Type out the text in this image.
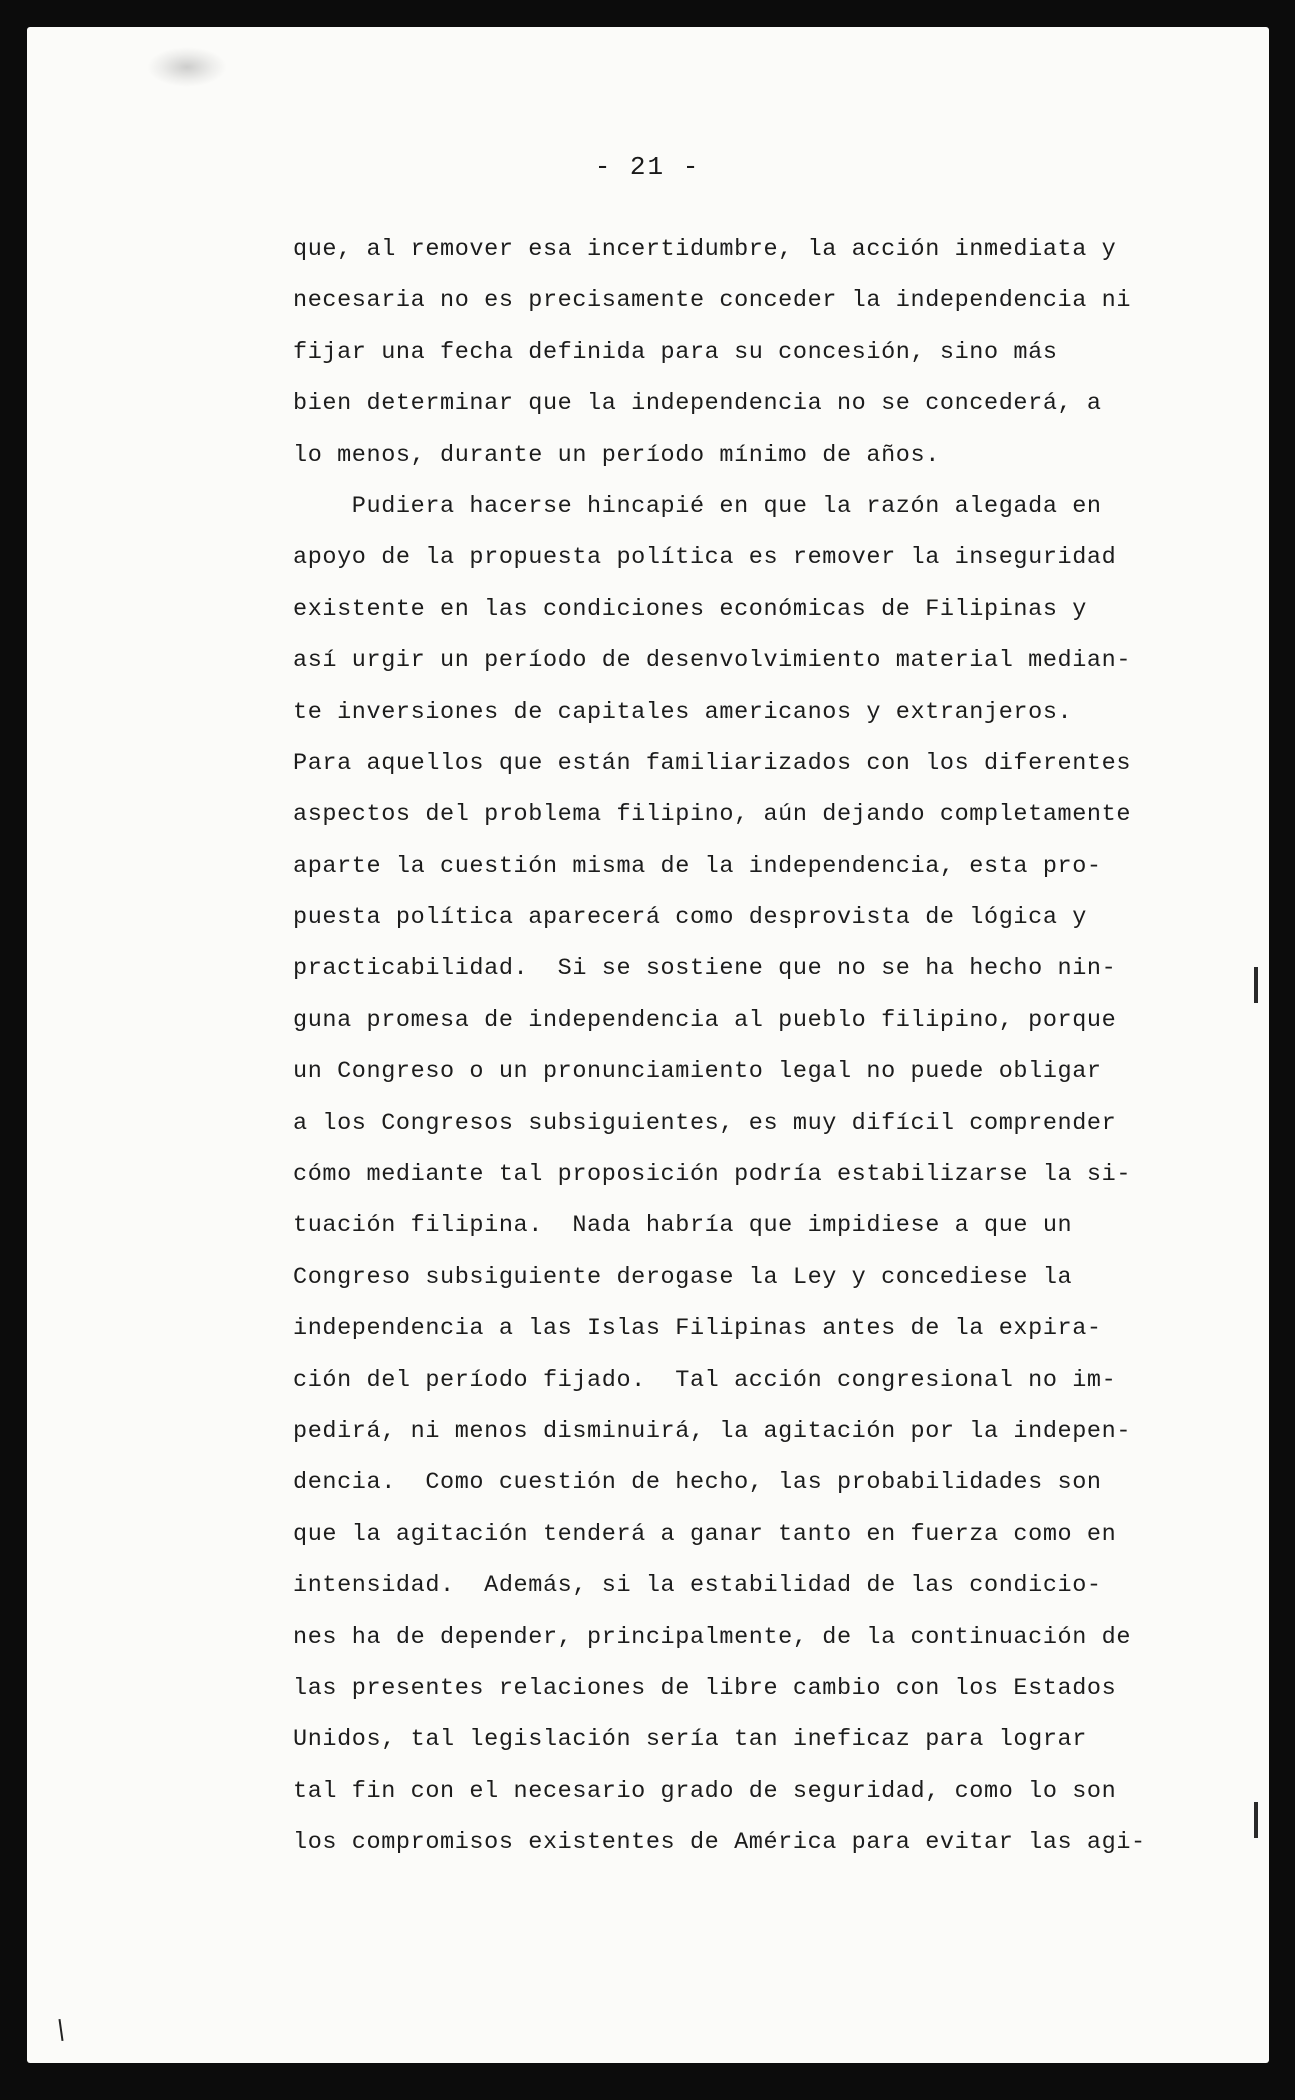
- 21 -
que, al remover esa incertidumbre, la acción inmediata y
necesaria no es precisamente conceder la independencia ni
fijar una fecha definida para su concesión, sino más
bien determinar que la independencia no se concederá, a
lo menos, durante un período mínimo de años.
Pudiera hacerse hincapié en que la razón alegada en
apoyo de la propuesta política es remover la inseguridad
existente en las condiciones económicas de Filipinas y
así urgir un período de desenvolvimiento material median-
te inversiones de capitales americanos y extranjeros.
Para aquellos que están familiarizados con los diferentes
aspectos del problema filipino, aún dejando completamente
aparte la cuestión misma de la independencia, esta pro-
puesta política aparecerá como desprovista de lógica y
practicabilidad.  Si se sostiene que no se ha hecho nin-
guna promesa de independencia al pueblo filipino, porque
un Congreso o un pronunciamiento legal no puede obligar
a los Congresos subsiguientes, es muy difícil comprender
cómo mediante tal proposición podría estabilizarse la si-
tuación filipina.  Nada habría que impidiese a que un
Congreso subsiguiente derogase la Ley y concediese la
independencia a las Islas Filipinas antes de la expira-
ción del período fijado.  Tal acción congresional no im-
pedirá, ni menos disminuirá, la agitación por la indepen-
dencia.  Como cuestión de hecho, las probabilidades son
que la agitación tenderá a ganar tanto en fuerza como en
intensidad.  Además, si la estabilidad de las condicio-
nes ha de depender, principalmente, de la continuación de
las presentes relaciones de libre cambio con los Estados
Unidos, tal legislación sería tan ineficaz para lograr
tal fin con el necesario grado de seguridad, como lo son
los compromisos existentes de América para evitar las agi-
